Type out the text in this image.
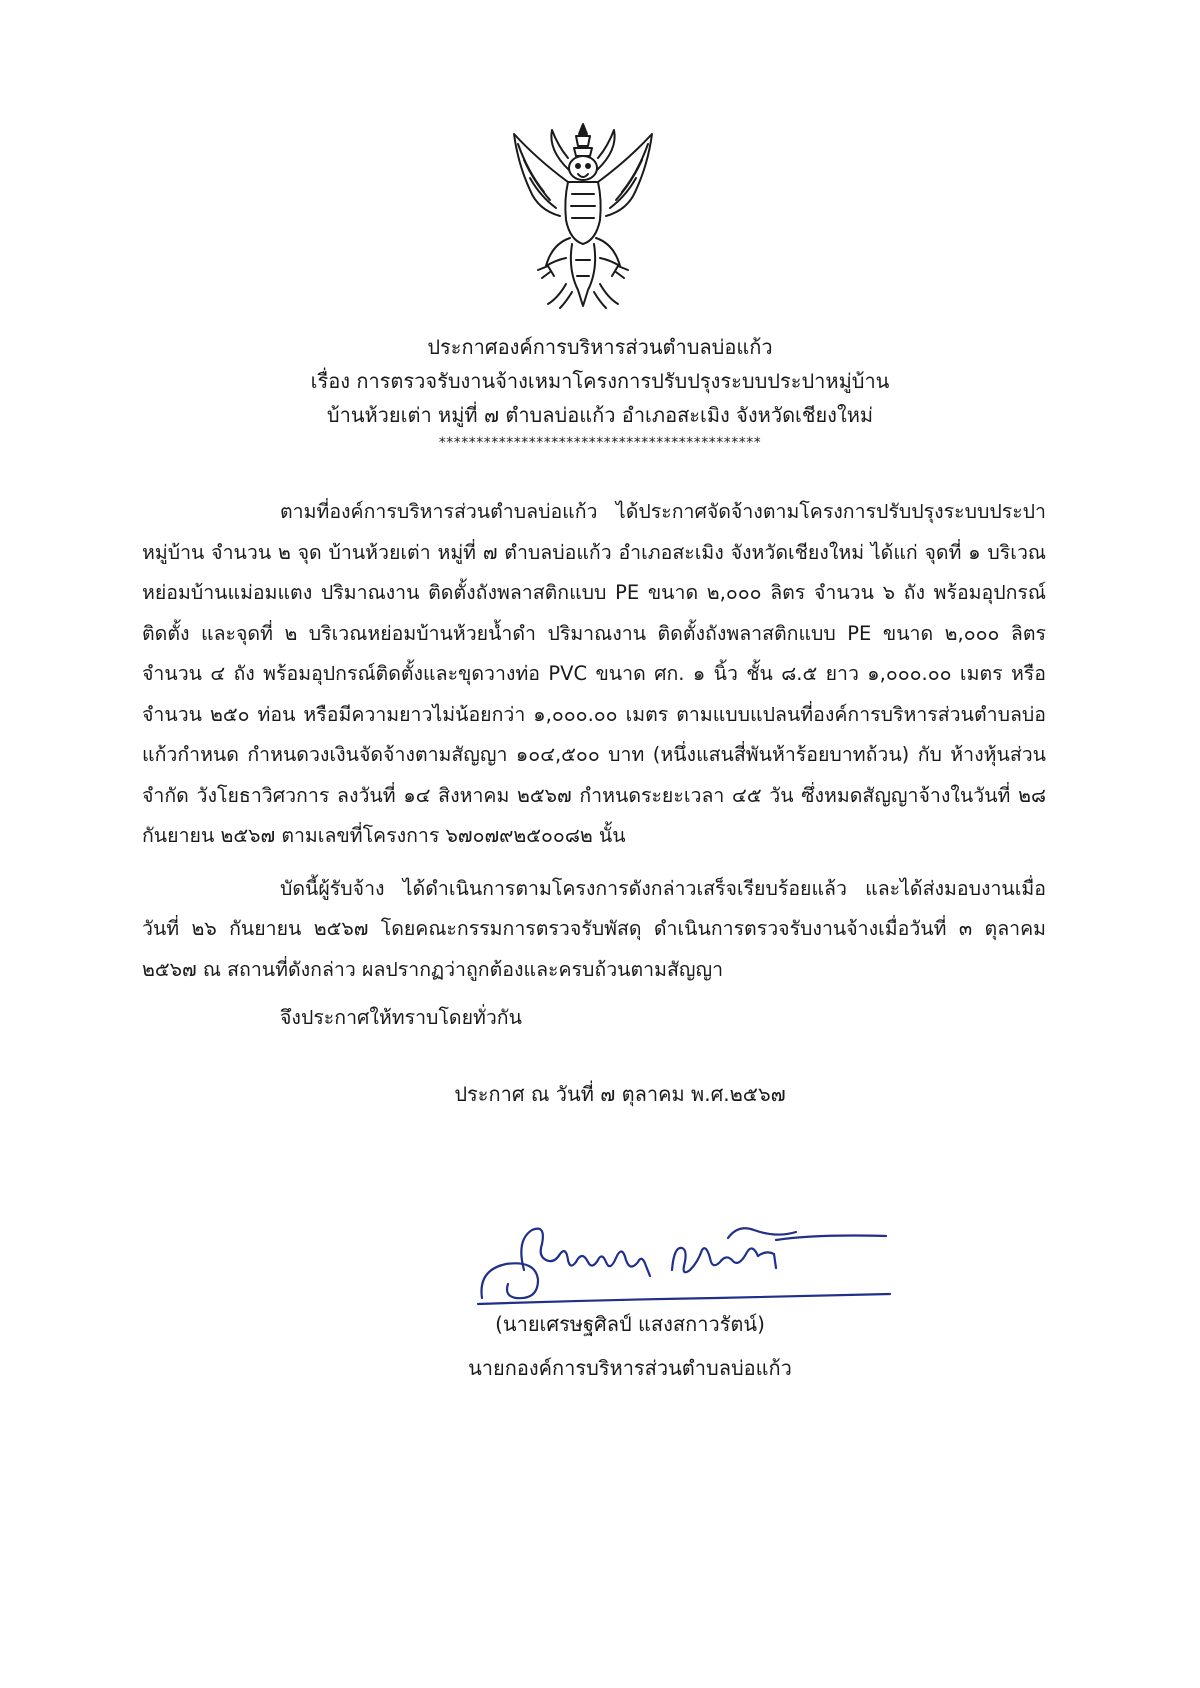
ประกาศองค์การบริหารส่วนตำบลบ่อแก้ว
เรื่อง การตรวจรับงานจ้างเหมาโครงการปรับปรุงระบบประปาหมู่บ้าน
บ้านห้วยเต่า หมู่ที่ ๗ ตำบลบ่อแก้ว อำเภอสะเมิง จังหวัดเชียงใหม่
*******************************************

ตามที่องค์การบริหารส่วนตำบลบ่อแก้ว ได้ประกาศจัดจ้างตามโครงการปรับปรุงระบบประปาหมู่บ้าน จำนวน ๒ จุด บ้านห้วยเต่า หมู่ที่ ๗ ตำบลบ่อแก้ว อำเภอสะเมิง จังหวัดเชียงใหม่ ได้แก่ จุดที่ ๑ บริเวณหย่อมบ้านแม่อมแตง ปริมาณงาน ติดตั้งถังพลาสติกแบบ PE ขนาด ๒,๐๐๐ ลิตร จำนวน ๖ ถัง พร้อมอุปกรณ์ติดตั้ง และจุดที่ ๒ บริเวณหย่อมบ้านห้วยน้ำดำ ปริมาณงาน ติดตั้งถังพลาสติกแบบ PE ขนาด ๒,๐๐๐ ลิตร จำนวน ๔ ถัง พร้อมอุปกรณ์ติดตั้งและขุดวางท่อ PVC ขนาด ศก. ๑ นิ้ว ชั้น ๘.๕ ยาว ๑,๐๐๐.๐๐ เมตร หรือจำนวน ๒๕๐ ท่อน หรือมีความยาวไม่น้อยกว่า ๑,๐๐๐.๐๐ เมตร ตามแบบแปลนที่องค์การบริหารส่วนตำบลบ่อแก้วกำหนด กำหนดวงเงินจัดจ้างตามสัญญา ๑๐๔,๕๐๐ บาท (หนึ่งแสนสี่พันห้าร้อยบาทถ้วน) กับ ห้างหุ้นส่วนจำกัด วังโยธาวิศวการ ลงวันที่ ๑๔ สิงหาคม ๒๕๖๗ กำหนดระยะเวลา ๔๕ วัน ซึ่งหมดสัญญาจ้างในวันที่ ๒๘ กันยายน ๒๕๖๗ ตามเลขที่โครงการ ๖๗๐๗๙๒๕๐๐๘๒ นั้น

บัดนี้ผู้รับจ้าง ได้ดำเนินการตามโครงการดังกล่าวเสร็จเรียบร้อยแล้ว และได้ส่งมอบงานเมื่อวันที่ ๒๖ กันยายน ๒๕๖๗ โดยคณะกรรมการตรวจรับพัสดุ ดำเนินการตรวจรับงานจ้างเมื่อวันที่ ๓ ตุลาคม ๒๕๖๗ ณ สถานที่ดังกล่าว ผลปรากฏว่าถูกต้องและครบถ้วนตามสัญญา

จึงประกาศให้ทราบโดยทั่วกัน

ประกาศ ณ วันที่ ๗ ตุลาคม พ.ศ.๒๕๖๗
(นายเศรษฐศิลป์ แสงสกาวรัตน์)
นายกองค์การบริหารส่วนตำบลบ่อแก้ว
